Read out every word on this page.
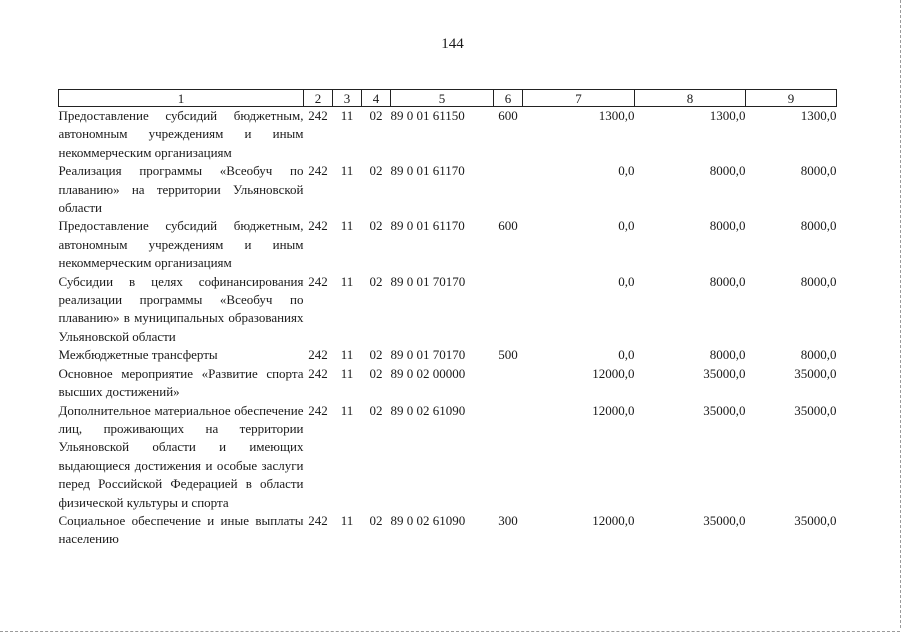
144
1	2	3	4	5	6	7	8	9
Предоставление субсидий бюджетным, автономным учреждениям и иным некоммерческим организациям	242	11	02	89 0 01 61150	600	1300,0	1300,0	1300,0
Реализация программы «Всеобуч по плаванию» на территории Ульяновской области	242	11	02	89 0 01 61170		0,0	8000,0	8000,0
Предоставление субсидий бюджетным, автономным учреждениям и иным некоммерческим организациям	242	11	02	89 0 01 61170	600	0,0	8000,0	8000,0
Субсидии в целях софинансирования реализации программы «Всеобуч по плаванию» в муниципальных образованиях Ульяновской области	242	11	02	89 0 01 70170		0,0	8000,0	8000,0
Межбюджетные трансферты	242	11	02	89 0 01 70170	500	0,0	8000,0	8000,0
Основное мероприятие «Развитие спорта высших достижений»	242	11	02	89 0 02 00000		12000,0	35000,0	35000,0
Дополнительное материальное обеспечение лиц, проживающих на территории Ульяновской области и имеющих выдающиеся достижения и особые заслуги перед Российской Федерацией в области физической культуры и спорта	242	11	02	89 0 02 61090		12000,0	35000,0	35000,0
Социальное обеспечение и иные выплаты населению	242	11	02	89 0 02 61090	300	12000,0	35000,0	35000,0
